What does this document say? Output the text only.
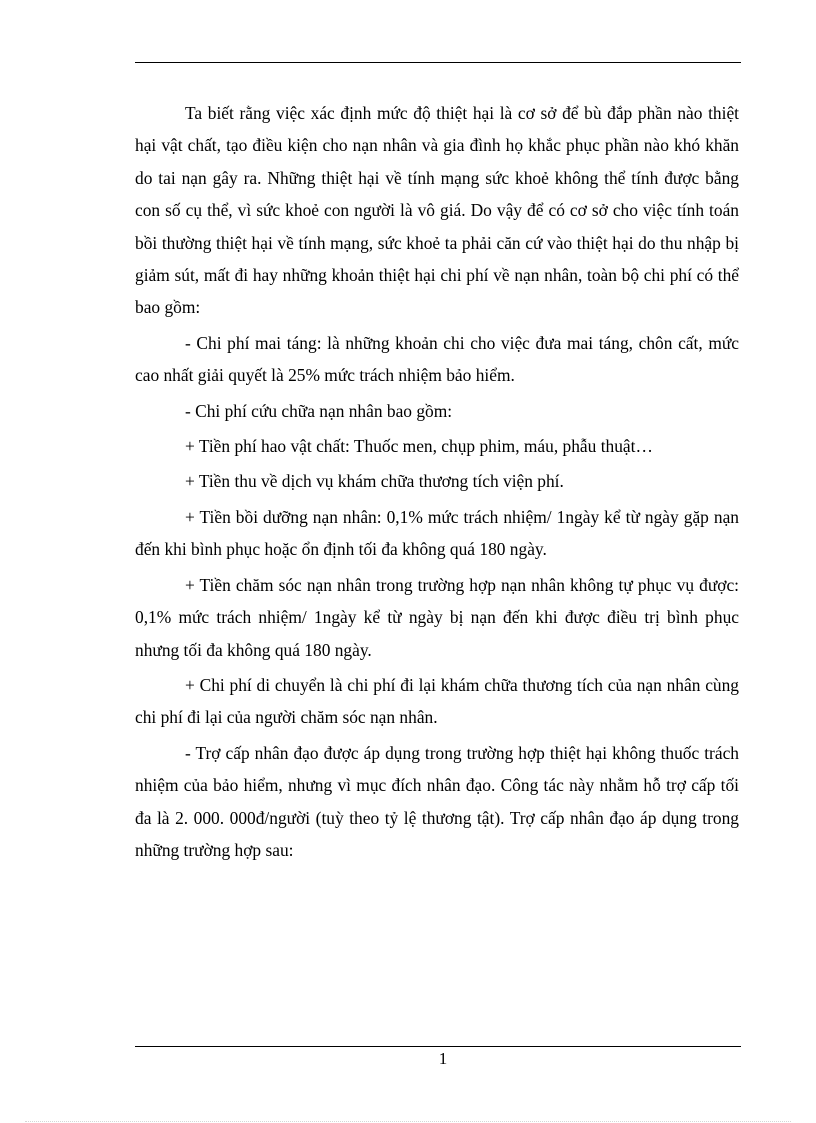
Ta biết rằng việc xác định mức độ thiệt hại là cơ sở để bù đắp phần nào thiệt hại vật chất, tạo điều kiện cho nạn nhân và gia đình họ khắc phục phần nào khó khăn do tai nạn gây ra. Những thiệt hại về tính mạng sức khoẻ không thể tính được bằng con số cụ thể, vì sức khoẻ con người là vô giá. Do vậy để có cơ sở cho việc tính toán bồi thường thiệt hại về tính mạng, sức khoẻ ta phải căn cứ vào thiệt hại do thu nhập bị giảm sút, mất đi hay những khoản thiệt hại chi phí về nạn nhân, toàn bộ chi phí có thể bao gồm:

- Chi phí mai táng: là những khoản chi cho việc đưa mai táng, chôn cất, mức cao nhất giải quyết là 25% mức trách nhiệm bảo hiểm.

- Chi phí cứu chữa nạn nhân bao gồm:

+ Tiền phí hao vật chất: Thuốc men, chụp phim, máu, phẫu thuật…

+ Tiền thu về dịch vụ khám chữa thương tích viện phí.

+ Tiền bồi dưỡng nạn nhân: 0,1% mức trách nhiệm/ 1ngày kể từ ngày gặp nạn đến khi bình phục hoặc ổn định tối đa không quá 180 ngày.

+ Tiền chăm sóc nạn nhân trong trường hợp nạn nhân không tự phục vụ được: 0,1% mức trách nhiệm/ 1ngày kể từ ngày bị nạn đến khi được điều trị bình phục nhưng tối đa không quá 180 ngày.

+ Chi phí di chuyển là chi phí đi lại khám chữa thương tích của nạn nhân cùng chi phí đi lại của người chăm sóc nạn nhân.

- Trợ cấp nhân đạo được áp dụng trong trường hợp thiệt hại không thuốc trách nhiệm của bảo hiểm, nhưng vì mục đích nhân đạo. Công tác này nhằm hỗ trợ cấp tối đa là 2. 000. 000đ/người (tuỳ theo tỷ lệ thương tật). Trợ cấp nhân đạo áp dụng trong những trường hợp sau:

1
